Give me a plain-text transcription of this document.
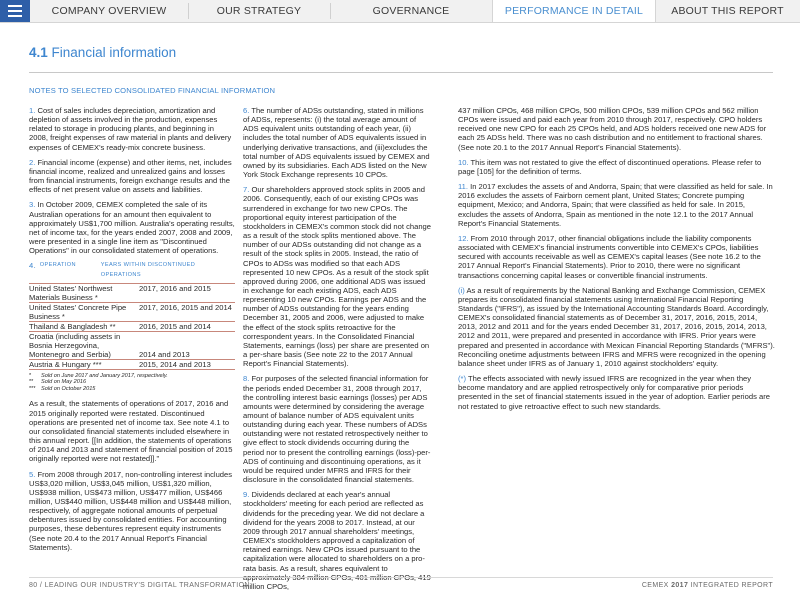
COMPANY OVERVIEW	OUR STRATEGY	GOVERNANCE	PERFORMANCE IN DETAIL	ABOUT THIS REPORT
4.1 Financial information
NOTES TO SELECTED CONSOLIDATED FINANCIAL INFORMATION

1. Cost of sales includes depreciation, amortization and depletion of assets involved in the production, expenses related to storage in producing plants, and beginning in 2008, freight expenses of raw material in plants and delivery expenses of CEMEX's ready-mix concrete business.

2. Financial income (expense) and other items, net, includes financial income, realized and unrealized gains and losses from financial instruments, foreign exchange results and the effects of net present value on assets and liabilities.

3. In October 2009, CEMEX completed the sale of its Australian operations for an amount then equivalent to approximately US$1,700 million. Australia's operating results, net of income tax, for the years ended 2007, 2008 and 2009, were presented in a single line item as "Discontinued Operations" in our consolidated statement of operations.

4. OPERATION	YEARS WITHIN DISCONTINUED OPERATIONS
United States' Northwest Materials Business *	2017, 2016 and 2015
United States' Concrete Pipe Business *	2017, 2016, 2015 and 2014
Thailand & Bangladesh **	2016, 2015 and 2014
Croatia (including assets in Bosnia Herzegovina, Montenegro and Serbia)	2014 and 2013
Austria & Hungary ***	2015, 2014 and 2013
* Sold on June 2017 and January 2017, respectively.
** Sold on May 2016
*** Sold on October 2015

As a result, the statements of operations of 2017, 2016 and 2015 originally reported were restated. Discontinued operations are presented net of income tax. See note 4.1 to our consolidated financial statements included elsewhere in this annual report. [[In addition, the statements of operations of 2014 and 2013 and statement of financial position of 2015 originally reported were not restated]]."

5. From 2008 through 2017, non-controlling interest includes US$3,020 million, US$3,045 million, US$1,320 million, US$938 million, US$473 million, US$477 million, US$466 million, US$440 million, US$448 million and US$448 million, respectively, of aggregate notional amounts of perpetual debentures issued by consolidated entities. For accounting purposes, these debentures represent equity instruments (See note 20.4 to the 2017 Annual Report's Financial Statements).

6. The number of ADSs outstanding, stated in millions of ADSs, represents: (i) the total average amount of ADS equivalent units outstanding of each year, (ii) includes the total number of ADS equivalents issued in underlying derivative transactions, and (iii)excludes the total number of ADS equivalents issued by CEMEX and owned by its subsidiaries. Each ADS listed on the New York Stock Exchange represents 10 CPOs.

7. Our shareholders approved stock splits in 2005 and 2006. Consequently, each of our existing CPOs was surrendered in exchange for two new CPOs. The proportional equity interest participation of the stockholders in CEMEX's common stock did not change as a result of the stock splits mentioned above. The number of our ADSs outstanding did not change as a result of the stock splits in 2005. Instead, the ratio of CPOs to ADSs was modified so that each ADS represented 10 new CPOs. As a result of the stock split approved during 2006, one additional ADS was issued in exchange for each existing ADS, each ADS representing 10 new CPOs. Earnings per ADS and the number of ADSs outstanding for the years ending December 31, 2005 and 2006, were adjusted to make the effect of the stock splits retroactive for the correspondent years. In the Consolidated Financial Statements, earnings (loss) per share are presented on a per-share basis (See note 22 to the 2017 Annual Report's Financial Statements).

8. For purposes of the selected financial information for the periods ended December 31, 2008 through 2017, the controlling interest basic earnings (losses) per ADS amounts were determined by considering the average amount of balance number of ADS equivalent units outstanding during each year. These numbers of ADSs outstanding were not restated retrospectively neither to give effect to stock dividends occurring during the period nor to present the controlling earnings (loss)-per-ADS of continuing and discontinuing operations, as it would be required under MFRS and IFRS for their disclosure in the consolidated financial statements.

9. Dividends declared at each year's annual stockholders' meeting for each period are reflected as dividends for the preceding year. We did not declare a dividend for the years 2008 to 2017. Instead, at our 2009 through 2017 annual shareholders' meetings, CEMEX's stockholders approved a capitalization of retained earnings. New CPOs issued pursuant to the capitalization were allocated to shareholders on a pro-rata basis. As a result, shares equivalent to million CPOs,

437 million CPOs, 468 million CPOs, 500 million CPOs, 539 million CPOs and 562 million CPOs were issued and paid each year from 2010 through 2017, respectively. CPO holders received one new CPO for each 25 CPOs held, and ADS holders received one new ADS for each 25 ADSs held. There was no cash distribution and no entitlement to fractional shares. (See note 20.1 to the 2017 Annual Report's Financial Statements).

10. This item was not restated to give the effect of discontinued operations. Please refer to page [105] for the definition of terms.

11. In 2017 excludes the assets of and Andorra, Spain; that were classified as held for sale. In 2016 excludes the assets of Fairborn cement plant, United States; Concrete pumping equipment, Mexico; and Andorra, Spain; that were classified as held for sale. In 2015, excludes the assets of Andorra, Spain as mentioned in the note 12.1 to the 2017 Annual Report's Financial Statements.

12. From 2010 through 2017, other financial obligations include the liability components associated with CEMEX's financial instruments convertible into CEMEX's CPOs, liabilities secured with accounts receivable as well as CEMEX's capital leases (See note 16.2 to the 2017 Annual Report's Financial Statements). Prior to 2010, there were no significant transactions concerning capital leases or convertible financial instruments.

(i) As a result of requirements by the National Banking and Exchange Commission, CEMEX prepares its consolidated financial statements using International Financial Reporting Standards ("IFRS"), as issued by the International Accounting Standards Board. Accordingly, CEMEX's consolidated financial statements as of December 31, 2017, 2016, 2015, 2014, 2013, 2012 and 2011 and for the years ended December 31, 2017, 2016, 2015, 2014, 2013, 2012 and 2011, were prepared and presented in accordance with IFRS. Prior years were prepared and presented in accordance with Mexican Financial Reporting Standards ("MFRS"). Reconciling onetime adjustments between IFRS and MFRS were recognized in the opening balance sheet under IFRS as of January 1, 2010 against stockholders' equity.

(*) The effects associated with newly issued IFRS are recognized in the year when they become mandatory and are applied retrospectively only for comparative prior periods presented in the set of financial statements issued in the year of adoption. Earlier periods are not restated to give retroactive effect to such new standards.

80 / LEADING OUR INDUSTRY'S DIGITAL TRANSFORMATION	CEMEX 2017 INTEGRATED REPORT
